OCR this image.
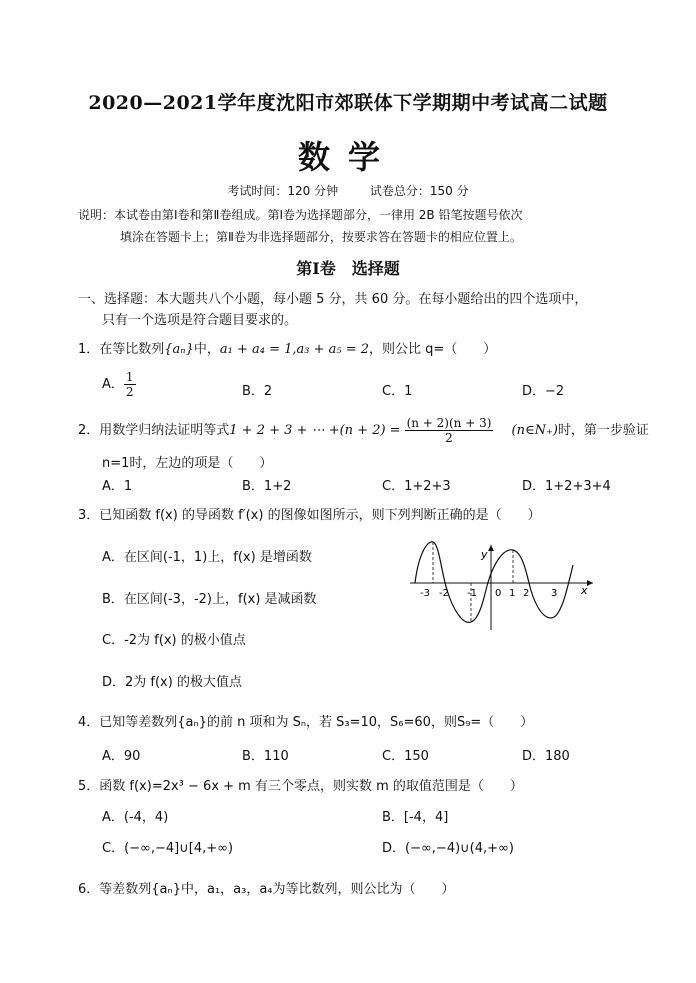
2020—2021学年度沈阳市郊联体下学期期中考试高二试题
数学
考试时间：120 分钟	试卷总分：150 分
说明：本试卷由第Ⅰ卷和第Ⅱ卷组成。第Ⅰ卷为选择题部分，一律用 2B 铅笔按题号依次
填涂在答题卡上；第Ⅱ卷为非选择题部分，按要求答在答题卡的相应位置上。
第Ⅰ卷　选择题
一、选择题：本大题共八个小题，每小题 5 分，共 60 分。在每小题给出的四个选项中，
只有一个选项是符合题目要求的。
1．在等比数列{aₙ}中，a₁ + a₄ = 1,a₃ + a₅ = 2，则公比 q=（　　）
A． $\frac{1}{2}$	B．2	C．1	D．−2
2．用数学归纳法证明等式1 + 2 + 3 + ⋯ $+(n + 2) = \frac{(n + 2)(n + 3)}{2}$ (n∈N₊)时，第一步验证
n=1时，左边的项是（　　）
A．1	B．1+2	C．1+2+3	D．1+2+3+4
3．已知函数 f(x) 的导函数 f′(x) 的图像如图所示，则下列判断正确的是（　　）
A．在区间(-1，1)上，f(x) 是增函数
B．在区间(-3，-2)上，f(x) 是减函数
C．-2为 f(x) 的极小值点
D．2为 f(x) 的极大值点
y
x
-3 -2 -1 0 1 2 3
4．已知等差数列{aₙ}的前 n 项和为 Sₙ，若 S₃=10，S₆=60，则S₉=（　　）
A．90	B．110	C．150	D．180
5．函数 f(x)=2x³ − 6x + m 有三个零点，则实数 m 的取值范围是（　　）
A．(-4，4)	B．[-4，4]
C．(−∞,−4]∪[4,+∞)	D．(−∞,−4)∪(4,+∞)
6．等差数列{aₙ}中，a₁，a₃，a₄为等比数列，则公比为（　　）
